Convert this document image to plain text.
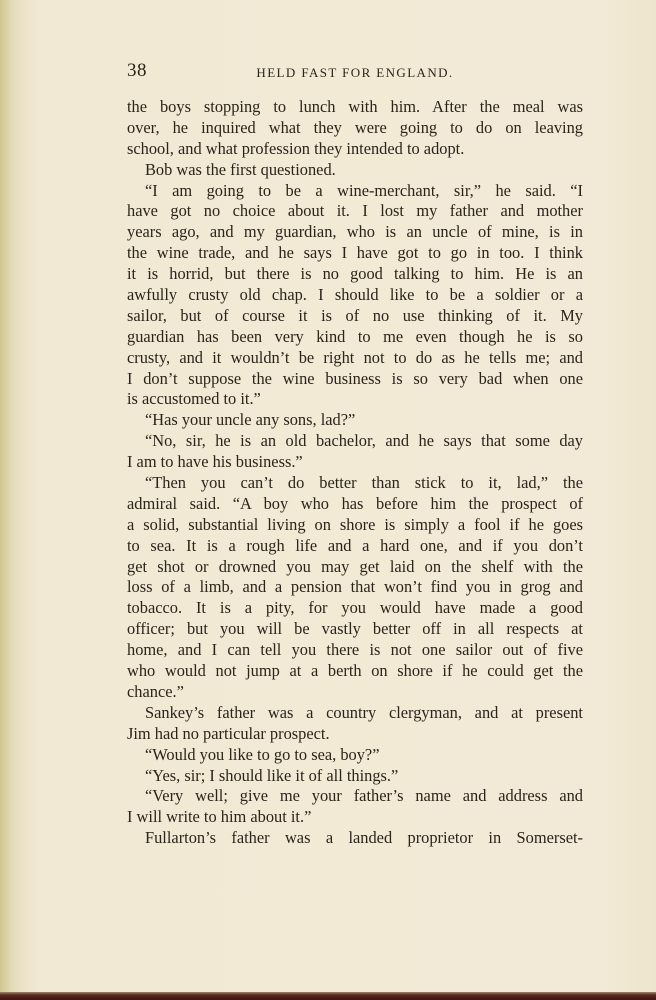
38	HELD FAST FOR ENGLAND.
the boys stopping to lunch with him. After the meal was
over, he inquired what they were going to do on leaving
school, and what profession they intended to adopt.
Bob was the first questioned.
“I am going to be a wine-merchant, sir,” he said. “I
have got no choice about it. I lost my father and mother
years ago, and my guardian, who is an uncle of mine, is in
the wine trade, and he says I have got to go in too. I think
it is horrid, but there is no good talking to him. He is an
awfully crusty old chap. I should like to be a soldier or a
sailor, but of course it is of no use thinking of it. My
guardian has been very kind to me even though he is so
crusty, and it wouldn’t be right not to do as he tells me; and
I don’t suppose the wine business is so very bad when one
is accustomed to it.”
“Has your uncle any sons, lad?”
“No, sir, he is an old bachelor, and he says that some day
I am to have his business.”
“Then you can’t do better than stick to it, lad,” the
admiral said. “A boy who has before him the prospect of
a solid, substantial living on shore is simply a fool if he goes
to sea. It is a rough life and a hard one, and if you don’t
get shot or drowned you may get laid on the shelf with the
loss of a limb, and a pension that won’t find you in grog and
tobacco. It is a pity, for you would have made a good
officer; but you will be vastly better off in all respects at
home, and I can tell you there is not one sailor out of five
who would not jump at a berth on shore if he could get the
chance.”
Sankey’s father was a country clergyman, and at present
Jim had no particular prospect.
“Would you like to go to sea, boy?”
“Yes, sir; I should like it of all things.”
“Very well; give me your father’s name and address and
I will write to him about it.”
Fullarton’s father was a landed proprietor in Somerset-
